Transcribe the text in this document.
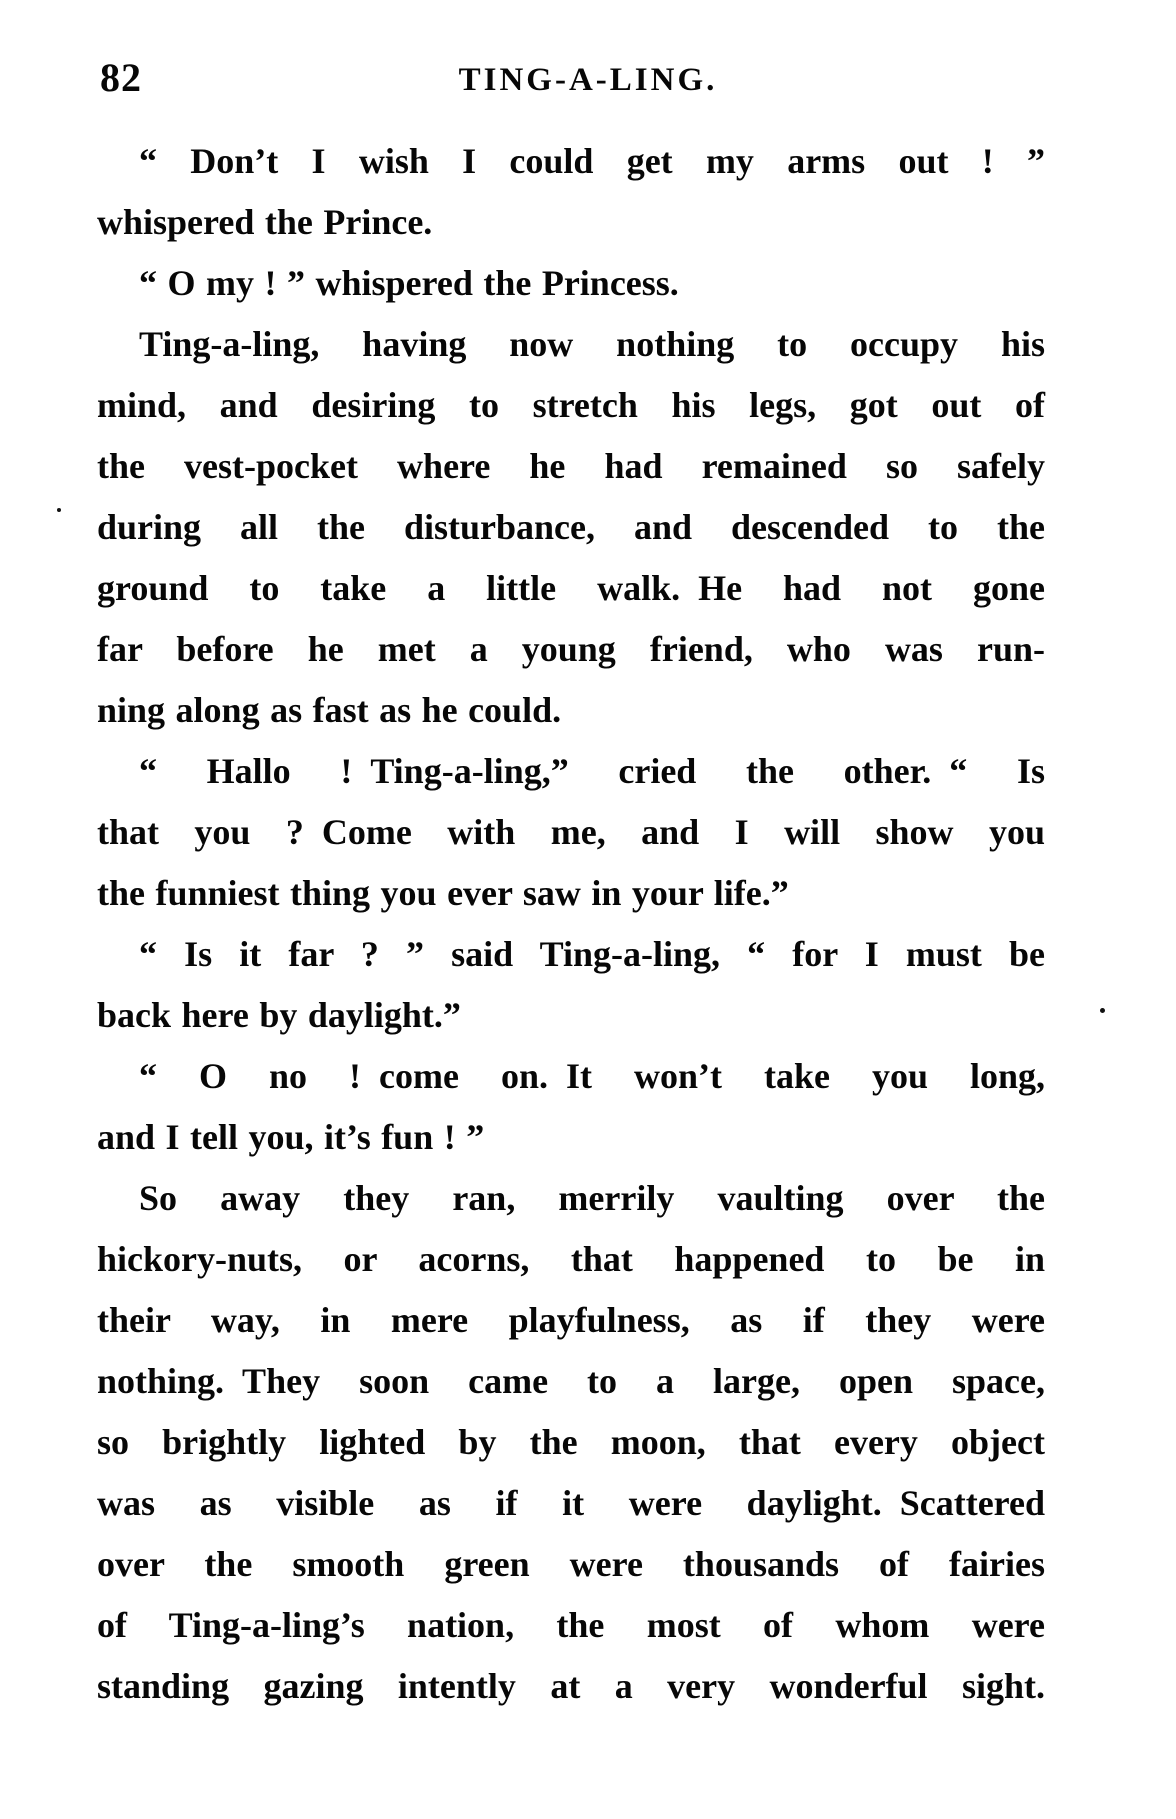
82	TING-A-LING.
“ Don’t I wish I could get my arms out ! ”
whispered the Prince.
“ O my ! ” whispered the Princess.
Ting-a-ling, having now nothing to occupy his
mind, and desiring to stretch his legs, got out of
the vest-pocket where he had remained so safely
during all the disturbance, and descended to the
ground to take a little walk. He had not gone
far before he met a young friend, who was run-
ning along as fast as he could.
“ Hallo ! Ting-a-ling,” cried the other. “ Is
that you ? Come with me, and I will show you
the funniest thing you ever saw in your life.”
“ Is it far ? ” said Ting-a-ling, “ for I must be
back here by daylight.”
“ O no ! come on. It won’t take you long,
and I tell you, it’s fun ! ”
So away they ran, merrily vaulting over the
hickory-nuts, or acorns, that happened to be in
their way, in mere playfulness, as if they were
nothing. They soon came to a large, open space,
so brightly lighted by the moon, that every object
was as visible as if it were daylight. Scattered
over the smooth green were thousands of fairies
of Ting-a-ling’s nation, the most of whom were
standing gazing intently at a very wonderful sight.
